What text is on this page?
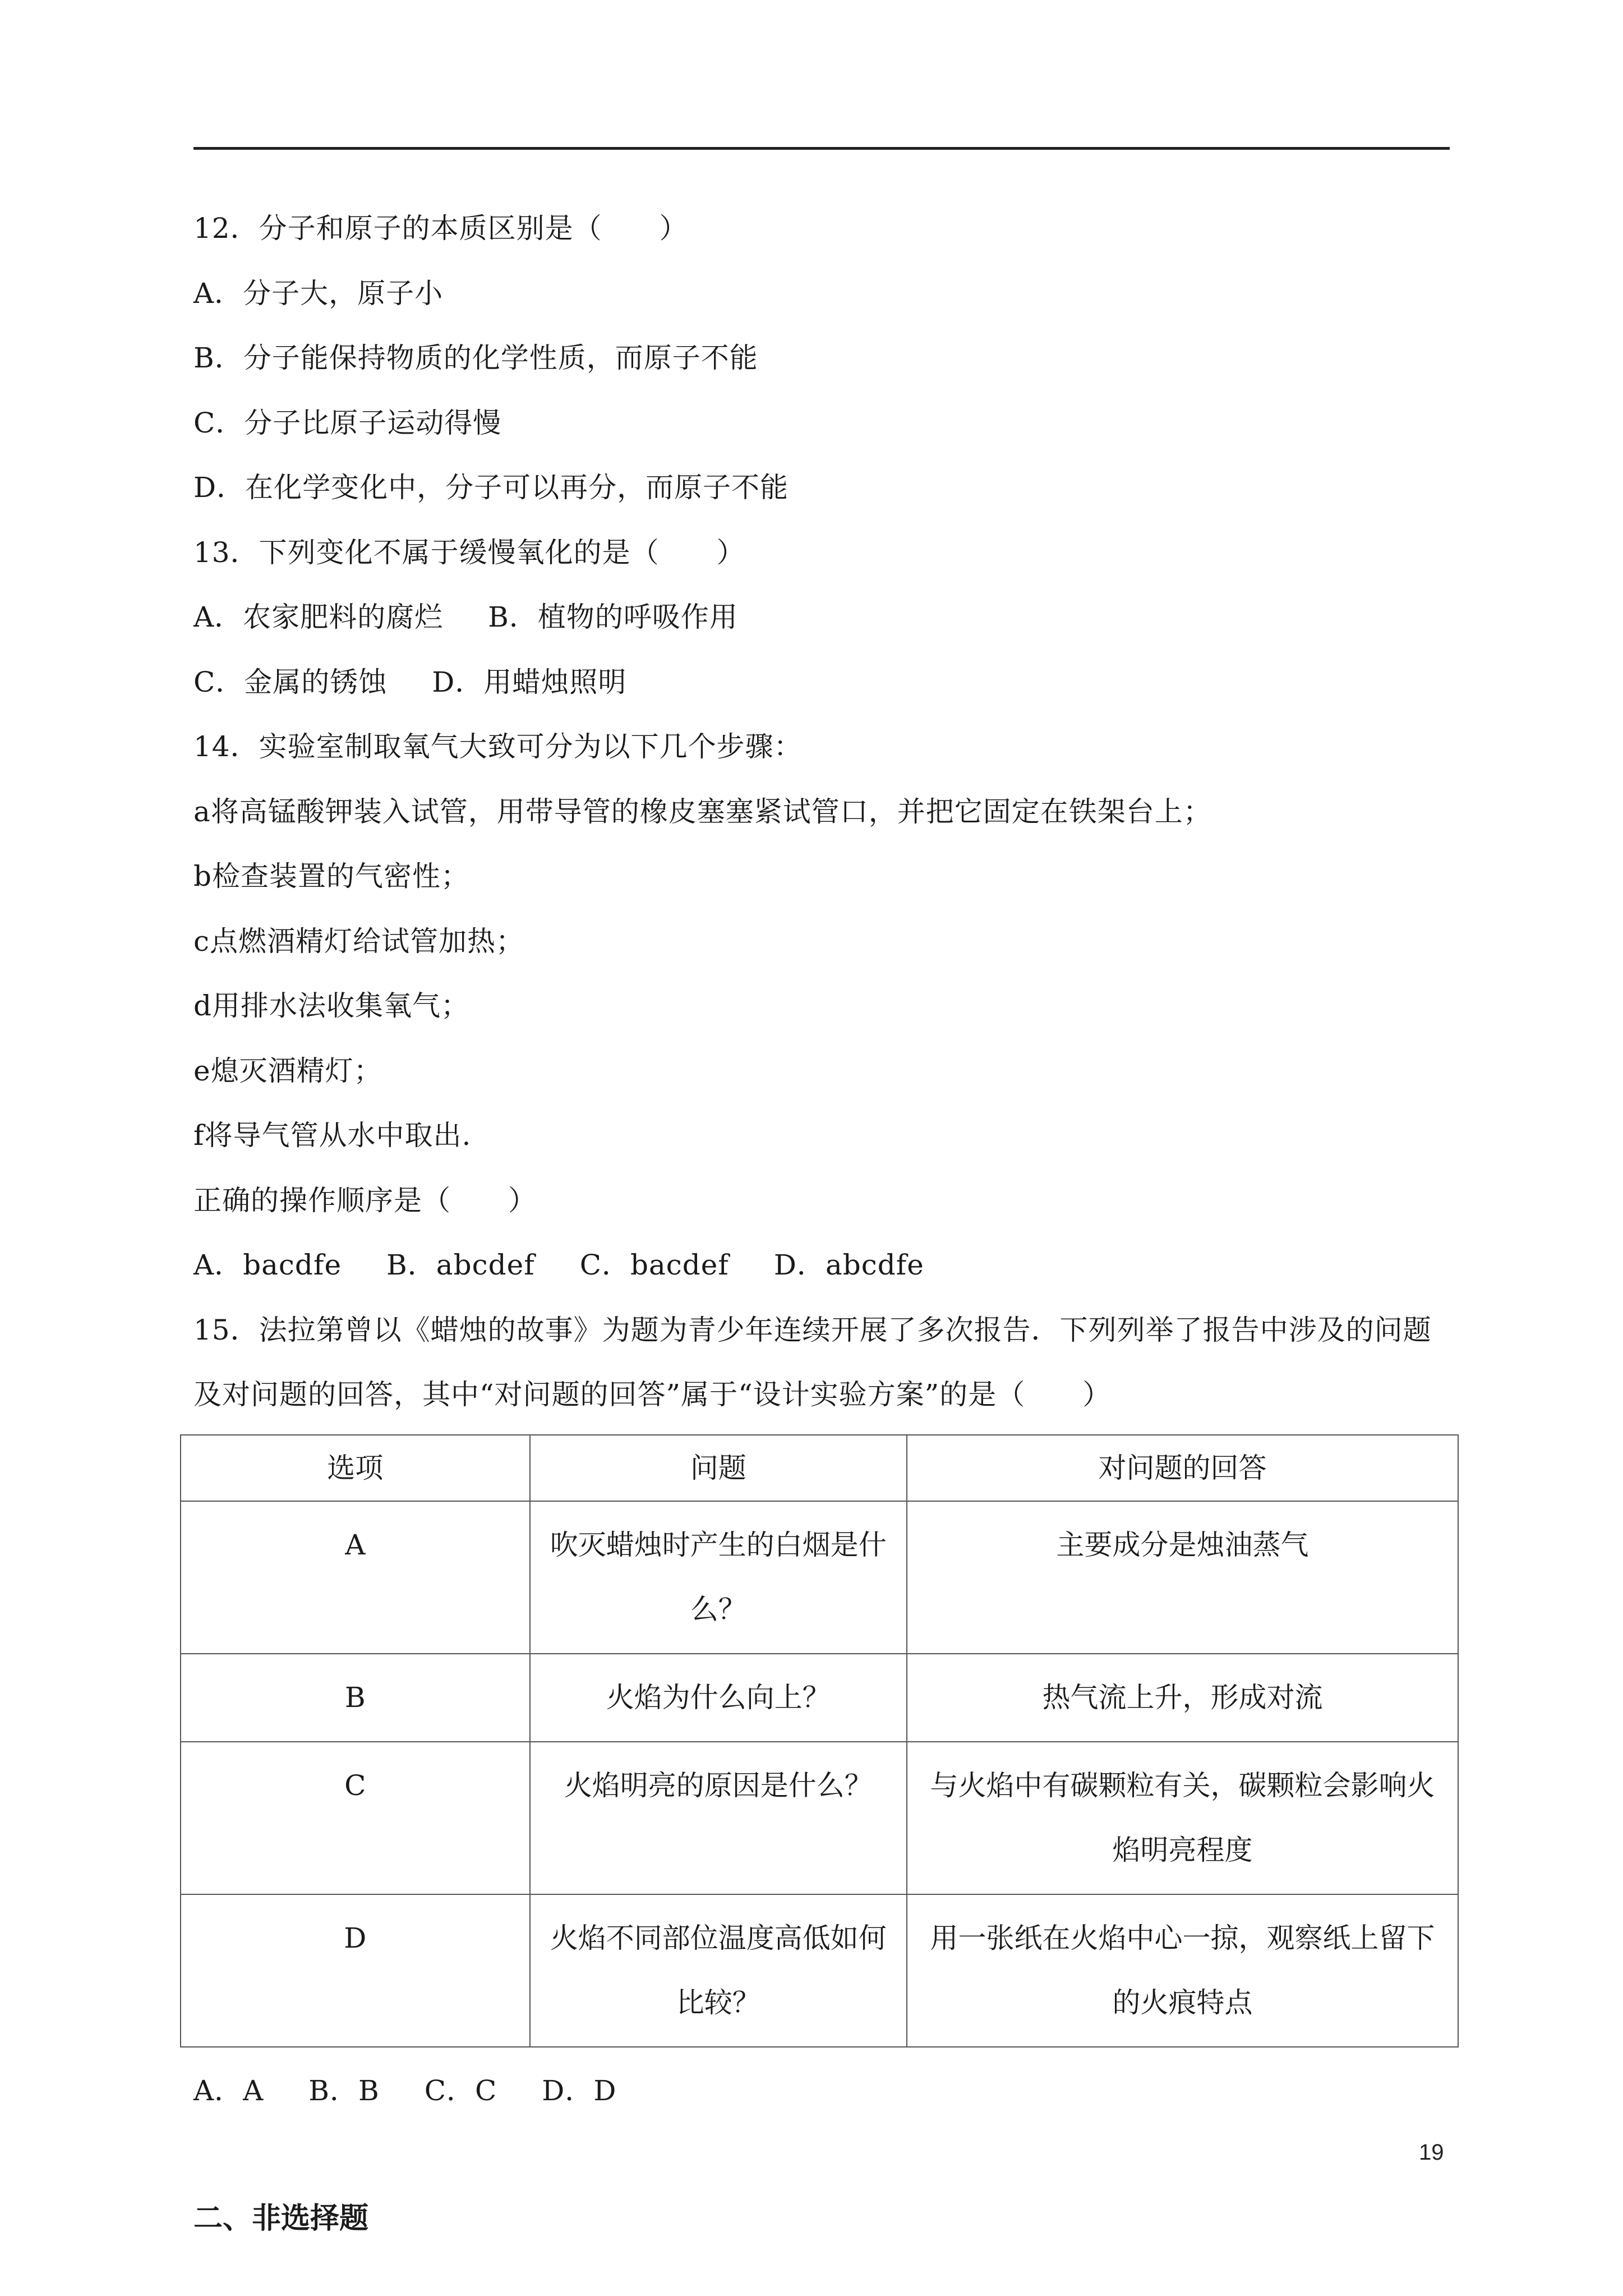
12．分子和原子的本质区别是（　　）
A．分子大，原子小
B．分子能保持物质的化学性质，而原子不能
C．分子比原子运动得慢
D．在化学变化中，分子可以再分，而原子不能
13．下列变化不属于缓慢氧化的是（　　）
A．农家肥料的腐烂 B．植物的呼吸作用
C．金属的锈蚀 D．用蜡烛照明
14．实验室制取氧气大致可分为以下几个步骤：
a将高锰酸钾装入试管，用带导管的橡皮塞塞紧试管口，并把它固定在铁架台上；
b检查装置的气密性；
c点燃酒精灯给试管加热；
d用排水法收集氧气；
e熄灭酒精灯；
f将导气管从水中取出.
正确的操作顺序是（　　）
A．bacdfe B．abcdef C．bacdef D．abcdfe
15．法拉第曾以《蜡烛的故事》为题为青少年连续开展了多次报告．下列列举了报告中涉及的问题及对问题的回答，其中“对问题的回答”属于“设计实验方案”的是（　　）
选项	问题	对问题的回答
A	吹灭蜡烛时产生的白烟是什么？	主要成分是烛油蒸气
B	火焰为什么向上？	热气流上升，形成对流
C	火焰明亮的原因是什么？	与火焰中有碳颗粒有关，碳颗粒会影响火焰明亮程度
D	火焰不同部位温度高低如何比较？	用一张纸在火焰中心一掠，观察纸上留下的火痕特点
A．A B．B C．C D．D
二、非选择题
19
